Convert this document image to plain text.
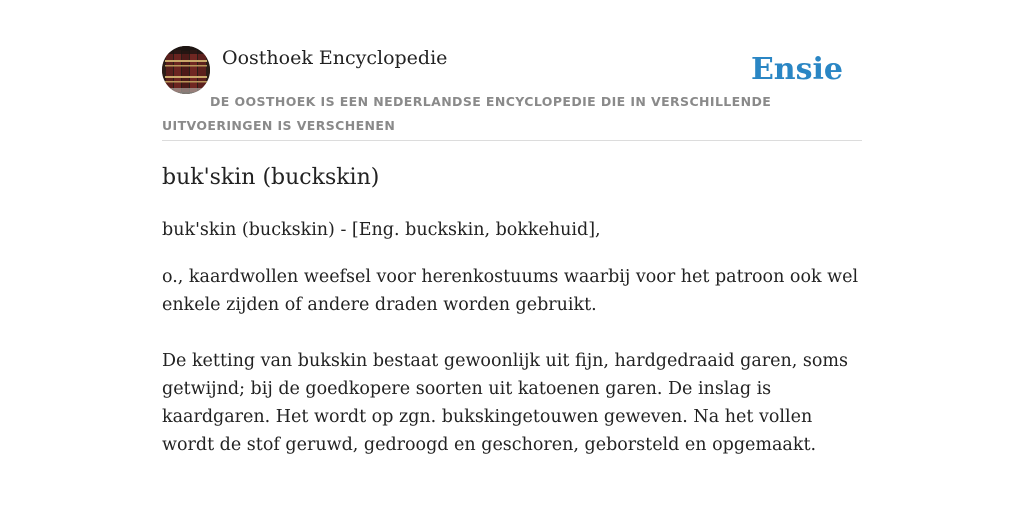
Oosthoek Encyclopedie	Ensie
DE OOSTHOEK IS EEN NEDERLANDSE ENCYCLOPEDIE DIE IN VERSCHILLENDE UITVOERINGEN IS VERSCHENEN
buk'skin (buckskin)

buk'skin (buckskin) - [Eng. buckskin, bokkehuid],

o., kaardwollen weefsel voor herenkostuums waarbij voor het patroon ook wel enkele zijden of andere draden worden gebruikt.

De ketting van bukskin bestaat gewoonlijk uit fijn, hardgedraaid garen, soms getwijnd; bij de goedkopere soorten uit katoenen garen. De inslag is kaardgaren. Het wordt op zgn. bukskingetouwen geweven. Na het vollen wordt de stof geruwd, gedroogd en geschoren, geborsteld en opgemaakt.
